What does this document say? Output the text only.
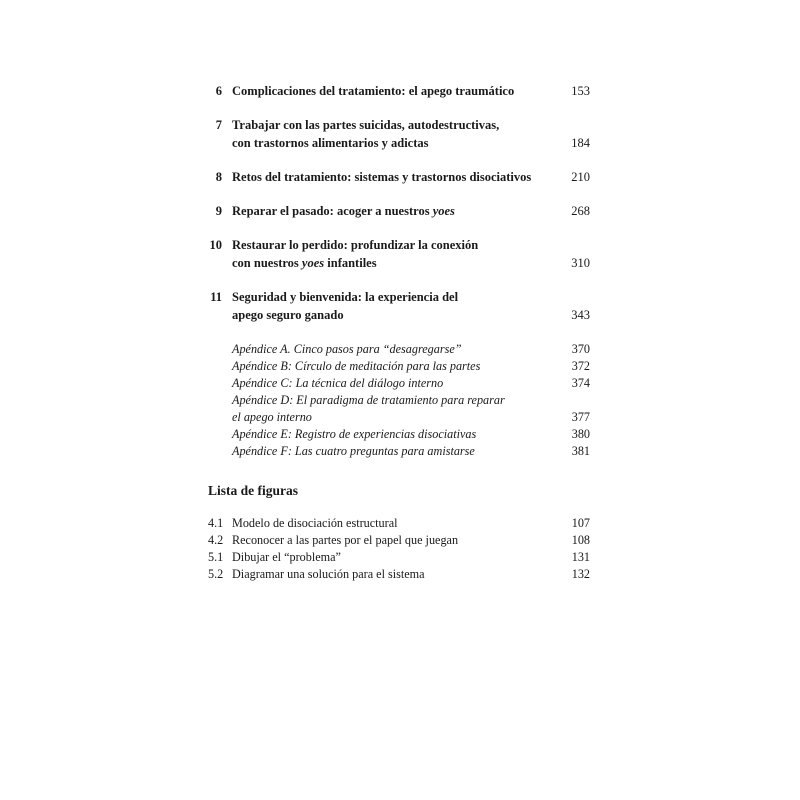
6 Complicaciones del tratamiento: el apego traumático	153
7 Trabajar con las partes suicidas, autodestructivas,
con trastornos alimentarios y adictas	184
8 Retos del tratamiento: sistemas y trastornos disociativos	210
9 Reparar el pasado: acoger a nuestros yoes	268
10 Restaurar lo perdido: profundizar la conexión
con nuestros yoes infantiles	310
11 Seguridad y bienvenida: la experiencia del
apego seguro ganado	343
Apéndice A. Cinco pasos para “desagregarse”	370
Apéndice B: Círculo de meditación para las partes	372
Apéndice C: La técnica del diálogo interno	374
Apéndice D: El paradigma de tratamiento para reparar
el apego interno	377
Apéndice E: Registro de experiencias disociativas	380
Apéndice F: Las cuatro preguntas para amistarse	381
Lista de figuras
4.1 Modelo de disociación estructural	107
4.2 Reconocer a las partes por el papel que juegan	108
5.1 Dibujar el “problema”	131
5.2 Diagramar una solución para el sistema	132
